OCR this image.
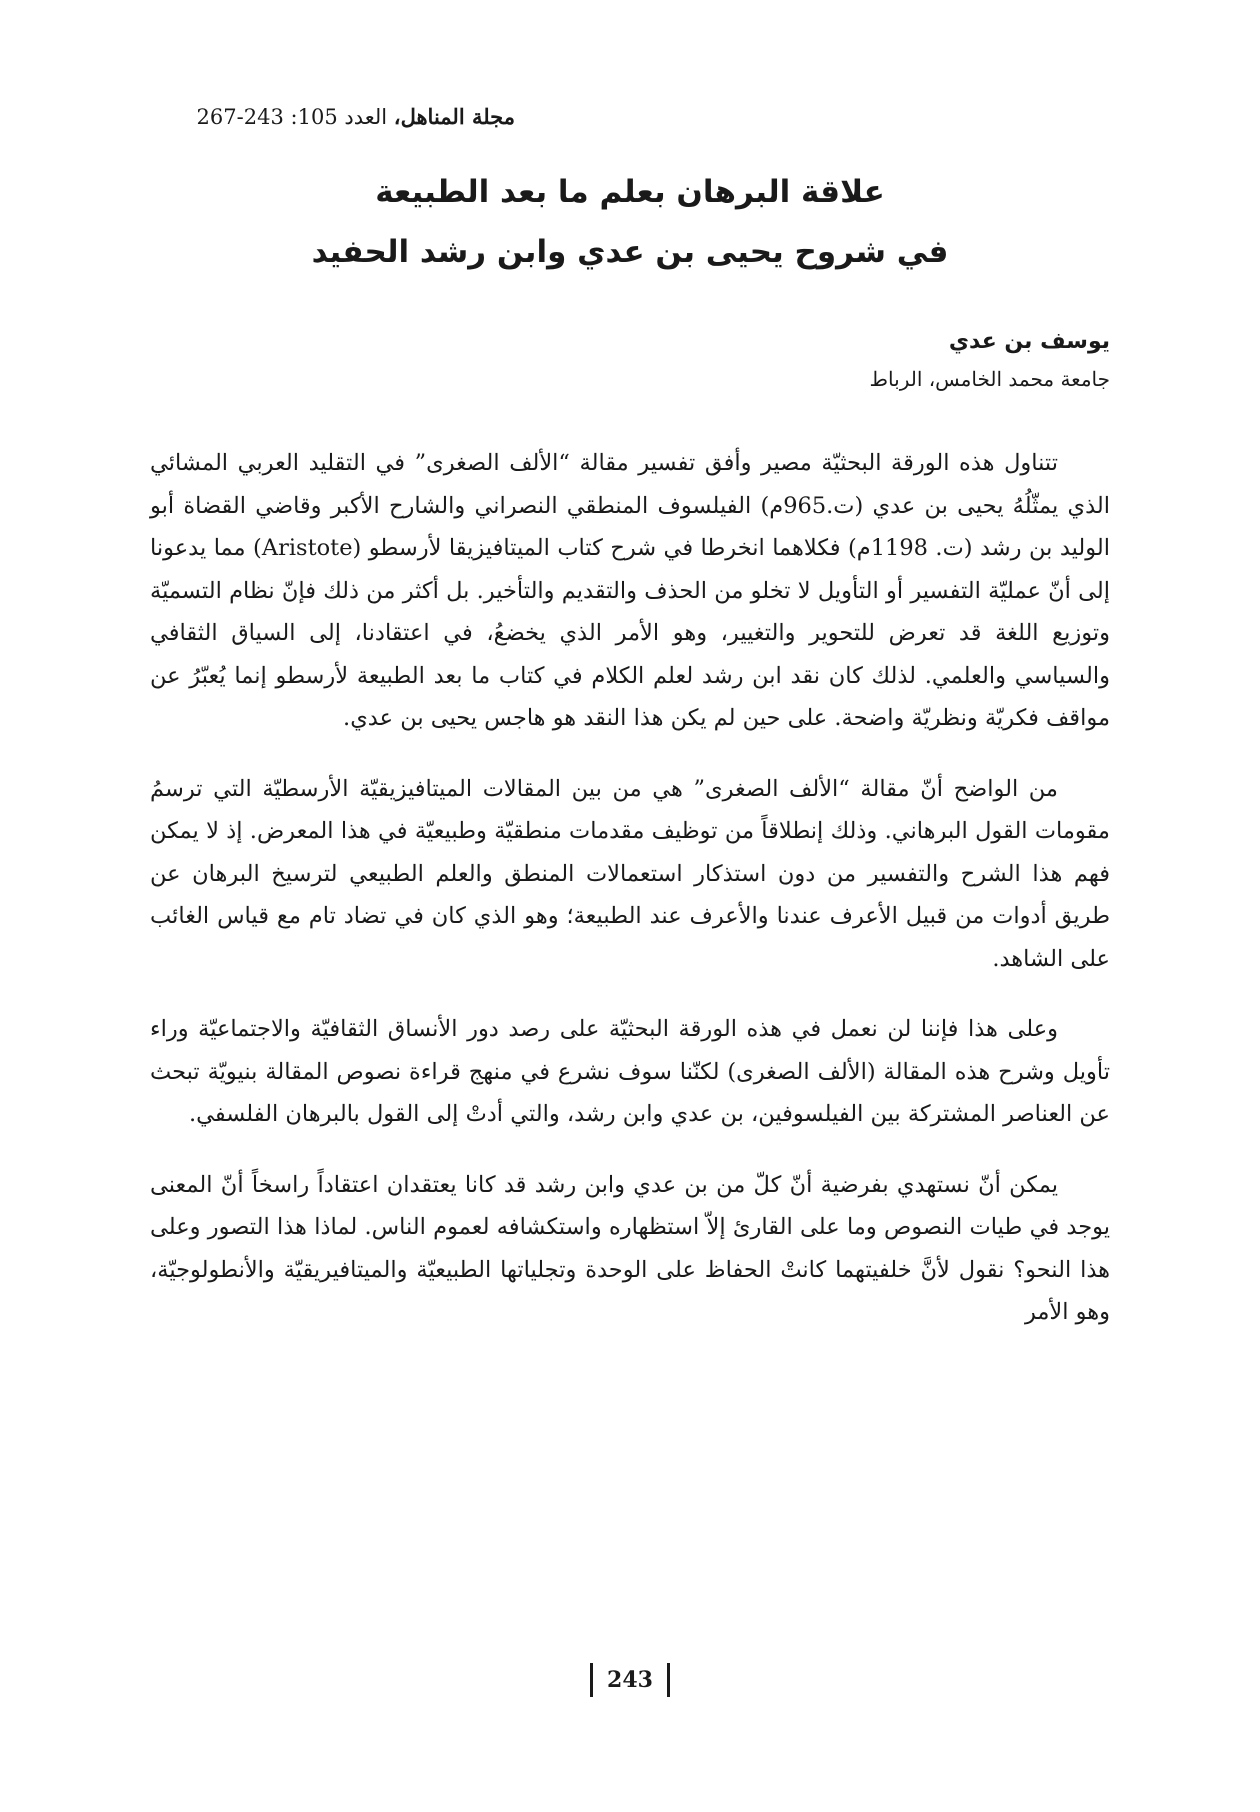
مجلة المناهل، العدد 105: 243-267
علاقة البرهان بعلم ما بعد الطبيعة
في شروح يحيى بن عدي وابن رشد الحفيد
يوسف بن عدي
جامعة محمد الخامس، الرباط

تتناول هذه الورقة البحثيّة مصير وأفق تفسير مقالة “الألف الصغرى” في التقليد العربي المشائي الذي يمثّلُهُ يحيى بن عدي (ت.965م) الفيلسوف المنطقي النصراني والشارح الأكبر وقاضي القضاة أبو الوليد بن رشد (ت. 1198م) فكلاهما انخرطا في شرح كتاب الميتافيزيقا لأرسطو (Aristote) مما يدعونا إلى أنّ عمليّة التفسير أو التأويل لا تخلو من الحذف والتقديم والتأخير. بل أكثر من ذلك فإنّ نظام التسميّة وتوزيع اللغة قد تعرض للتحوير والتغيير، وهو الأمر الذي يخضعُ، في اعتقادنا، إلى السياق الثقافي والسياسي والعلمي. لذلك كان نقد ابن رشد لعلم الكلام في كتاب ما بعد الطبيعة لأرسطو إنما يُعبّرُ عن مواقف فكريّة ونظريّة واضحة. على حين لم يكن هذا النقد هو هاجس يحيى بن عدي.

من الواضح أنّ مقالة “الألف الصغرى” هي من بين المقالات الميتافيزيقيّة الأرسطيّة التي ترسمُ مقومات القول البرهاني. وذلك إنطلاقاً من توظيف مقدمات منطقيّة وطبيعيّة في هذا المعرض. إذ لا يمكن فهم هذا الشرح والتفسير من دون استذكار استعمالات المنطق والعلم الطبيعي لترسيخ البرهان عن طريق أدوات من قبيل الأعرف عندنا والأعرف عند الطبيعة؛ وهو الذي كان في تضاد تام مع قياس الغائب على الشاهد.

وعلى هذا فإننا لن نعمل في هذه الورقة البحثيّة على رصد دور الأنساق الثقافيّة والاجتماعيّة وراء تأويل وشرح هذه المقالة (الألف الصغرى) لكنّنا سوف نشرع في منهج قراءة نصوص المقالة بنيويّة تبحث عن العناصر المشتركة بين الفيلسوفين، بن عدي وابن رشد، والتي أدتْ إلى القول بالبرهان الفلسفي.

يمكن أنّ نستهدي بفرضية أنّ كلّ من بن عدي وابن رشد قد كانا يعتقدان اعتقاداً راسخاً أنّ المعنى يوجد في طيات النصوص وما على القارئ إلاّ استظهاره واستكشافه لعموم الناس. لماذا هذا التصور وعلى هذا النحو؟ نقول لأنَّ خلفيتهما كانتْ الحفاظ على الوحدة وتجلياتها الطبيعيّة والميتافيريقيّة والأنطولوجيّة، وهو الأمر

243
